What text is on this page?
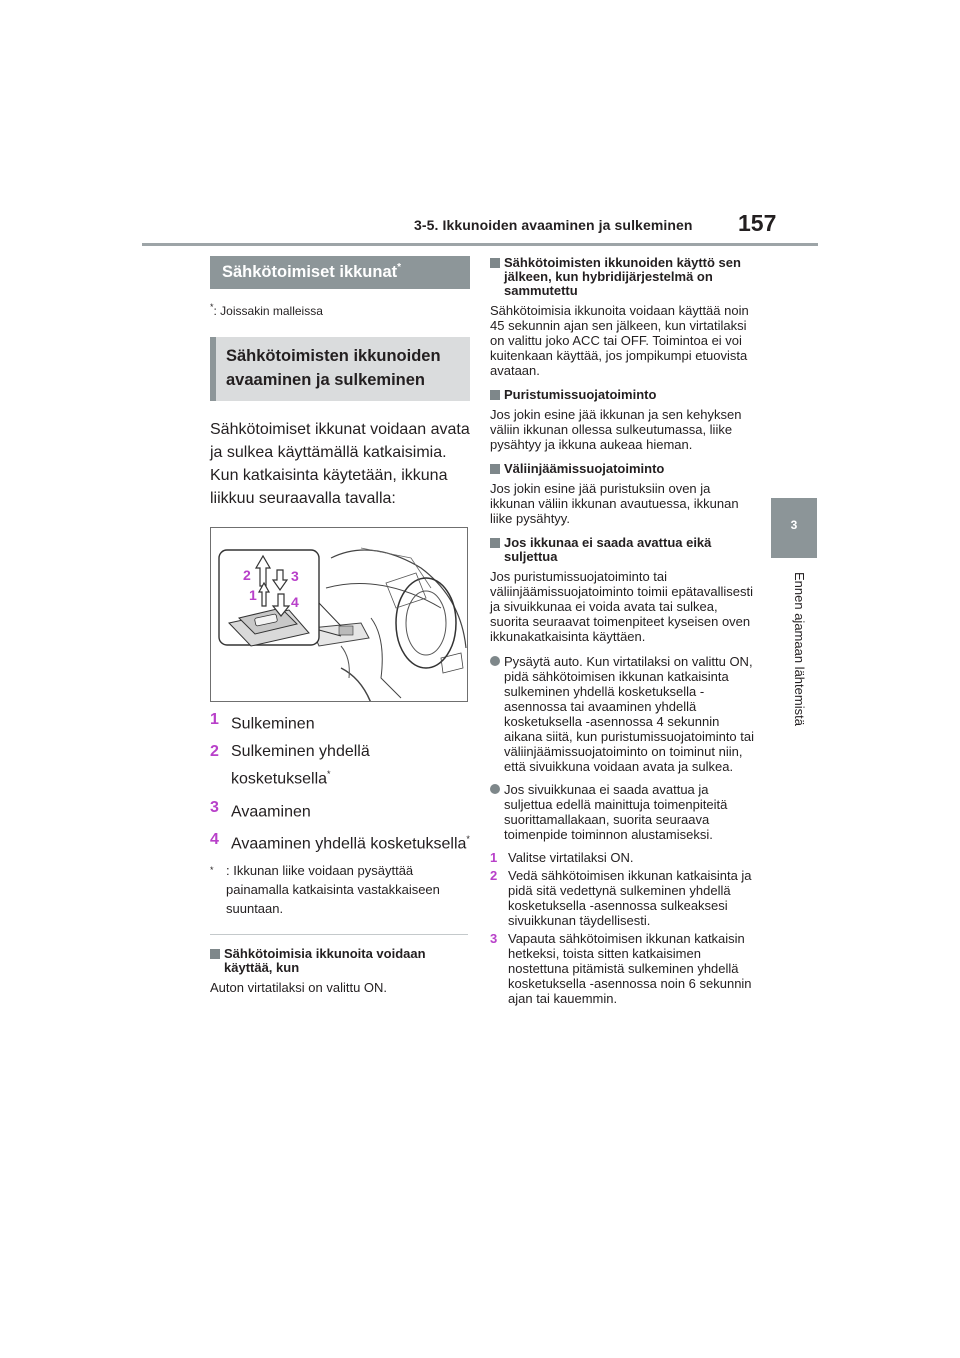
3-5. Ikkunoiden avaaminen ja sulkeminen 157
3
Ennen ajamaan lähtemistä
Sähkötoimiset ikkunat*
*: Joissakin malleissa
Sähkötoimisten ikkunoiden avaaminen ja sulkeminen
Sähkötoimiset ikkunat voidaan avata ja sulkea käyttämällä katkaisimia. Kun katkaisinta käytetään, ikkuna liikkuu seuraavalla tavalla:
2	3
1 4
1 Sulkeminen
2 Sulkeminen yhdellä kosketuksella*
3 Avaaminen
4 Avaaminen yhdellä kosketuksella*
* : Ikkunan liike voidaan pysäyttää painamalla katkaisinta vastakkaiseen suuntaan.
Sähkötoimisia ikkunoita voidaan käyttää, kun
Auton virtatilaksi on valittu ON.
Sähkötoimisten ikkunoiden käyttö sen jälkeen, kun hybridijärjestelmä on sammutettu
Sähkötoimisia ikkunoita voidaan käyttää noin 45 sekunnin ajan sen jälkeen, kun virtatilaksi on valittu joko ACC tai OFF. Toimintoa ei voi kuitenkaan käyttää, jos jompikumpi etuovista avataan.
Puristumissuojatoiminto
Jos jokin esine jää ikkunan ja sen kehyksen väliin ikkunan ollessa sulkeutumassa, liike pysähtyy ja ikkuna aukeaa hieman.
Väliinjäämissuojatoiminto
Jos jokin esine jää puristuksiin oven ja ikkunan väliin ikkunan avautuessa, ikkunan liike pysähtyy.
Jos ikkunaa ei saada avattua eikä suljettua
Jos puristumissuojatoiminto tai väliinjäämissuojatoiminto toimii epätavallisesti ja sivuikkunaa ei voida avata tai sulkea, suorita seuraavat toimenpiteet kyseisen oven ikkunakatkaisinta käyttäen.
Pysäytä auto. Kun virtatilaksi on valittu ON, pidä sähkötoimisen ikkunan katkaisinta sulkeminen yhdellä kosketuksella -asennossa tai avaaminen yhdellä kosketuksella -asennossa 4 sekunnin aikana siitä, kun puristumissuojatoiminto tai väliinjäämissuojatoiminto on toiminut niin, että sivuikkuna voidaan avata ja sulkea.
Jos sivuikkunaa ei saada avattua ja suljettua edellä mainittuja toimenpiteitä suorittamallakaan, suorita seuraava toimenpide toiminnon alustamiseksi.
1 Valitse virtatilaksi ON.
2 Vedä sähkötoimisen ikkunan katkaisinta ja pidä sitä vedettynä sulkeminen yhdellä kosketuksella -asennossa sulkeaksesi sivuikkunan täydellisesti.
3 Vapauta sähkötoimisen ikkunan katkaisin hetkeksi, toista sitten katkaisimen nostettuna pitämistä sulkeminen yhdellä kosketuksella -asennossa noin 6 sekunnin ajan tai kauemmin.
